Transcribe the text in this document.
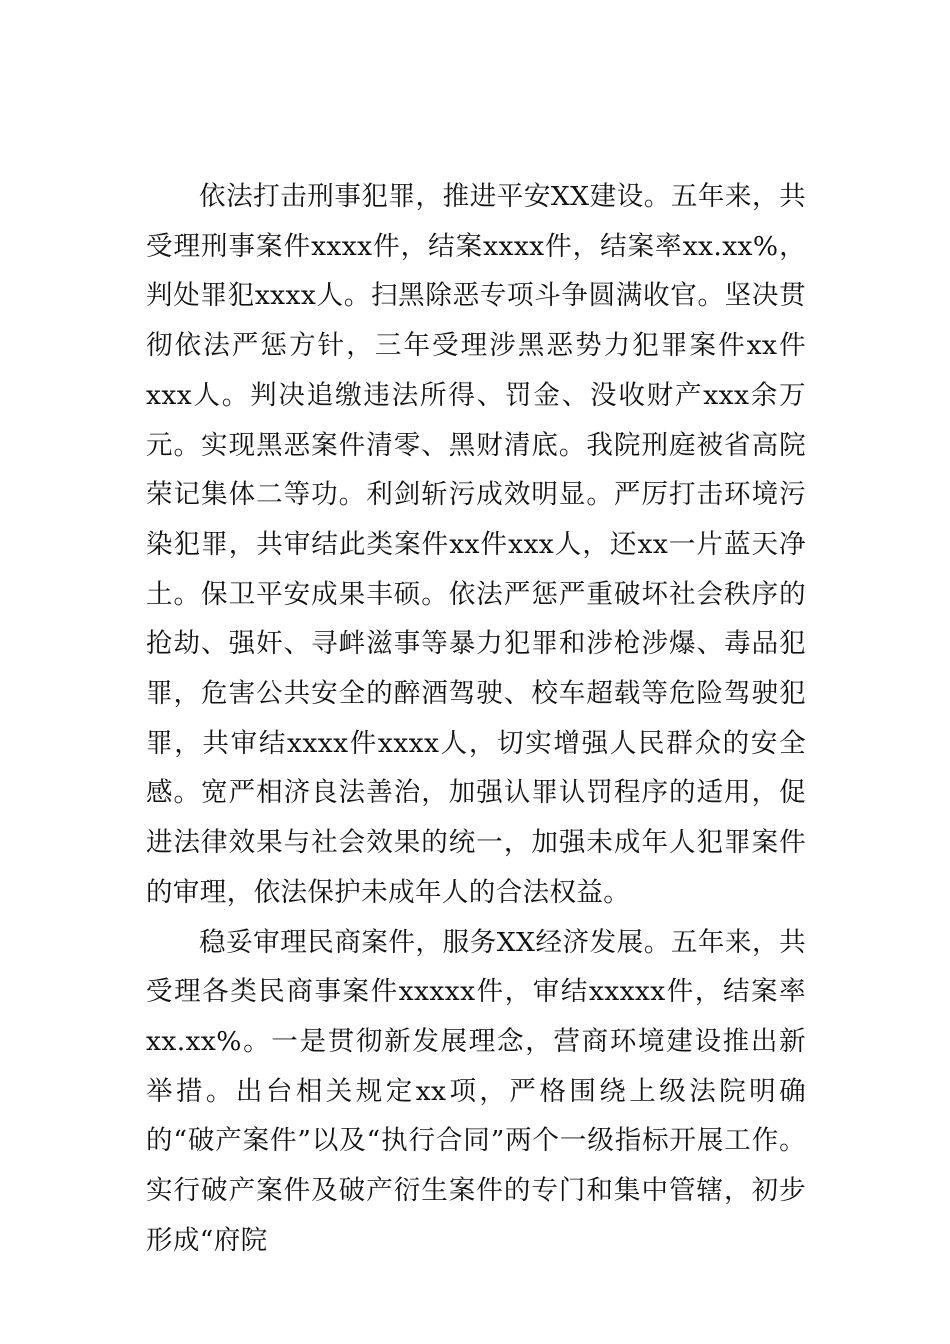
依法打击刑事犯罪，推进平安XX建设。五年来，共受理刑事案件xxxx件，结案xxxx件，结案率xx.xx%，判处罪犯xxxx人。扫黑除恶专项斗争圆满收官。坚决贯彻依法严惩方针，三年受理涉黑恶势力犯罪案件xx件xxx人。判决追缴违法所得、罚金、没收财产xxx余万元。实现黑恶案件清零、黑财清底。我院刑庭被省高院荣记集体二等功。利剑斩污成效明显。严厉打击环境污染犯罪，共审结此类案件xx件xxx人，还xx一片蓝天净土。保卫平安成果丰硕。依法严惩严重破坏社会秩序的抢劫、强奸、寻衅滋事等暴力犯罪和涉枪涉爆、毒品犯罪，危害公共安全的醉酒驾驶、校车超载等危险驾驶犯罪，共审结xxxx件xxxx人，切实增强人民群众的安全感。宽严相济良法善治，加强认罪认罚程序的适用，促进法律效果与社会效果的统一，加强未成年人犯罪案件的审理，依法保护未成年人的合法权益。

稳妥审理民商案件，服务XX经济发展。五年来，共受理各类民商事案件xxxxx件，审结xxxxx件，结案率xx.xx%。一是贯彻新发展理念，营商环境建设推出新举措。出台相关规定xx项，严格围绕上级法院明确的“破产案件”以及“执行合同”两个一级指标开展工作。实行破产案件及破产衍生案件的专门和集中管辖，初步形成“府院
